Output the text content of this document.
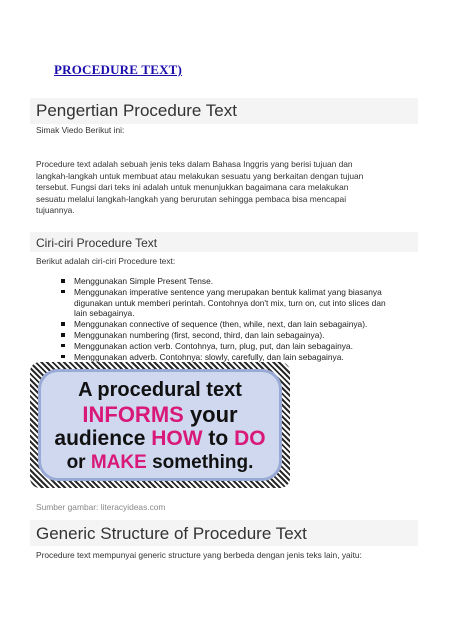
PROCEDURE TEXT)
Pengertian Procedure Text
Simak Viedo Berikut ini:
Procedure text adalah sebuah jenis teks dalam Bahasa Inggris yang berisi tujuan dan
langkah-langkah untuk membuat atau melakukan sesuatu yang berkaitan dengan tujuan
tersebut. Fungsi dari teks ini adalah untuk menunjukkan bagaimana cara melakukan
sesuatu melalui langkah-langkah yang berurutan sehingga pembaca bisa mencapai
tujuannya.
Ciri-ciri Procedure Text
Berikut adalah ciri-ciri Procedure text:
Menggunakan Simple Present Tense.
Menggunakan imperative sentence yang merupakan bentuk kalimat yang biasanya
digunakan untuk memberi perintah. Contohnya don't mix, turn on, cut into slices dan
lain sebagainya.
Menggunakan connective of sequence (then, while, next, dan lain sebagainya).
Menggunakan numbering (first, second, third, dan lain sebagainya).
Menggunakan action verb. Contohnya, turn, plug, put, dan lain sebagainya.
Menggunakan adverb. Contohnya: slowly, carefully, dan lain sebagainya.
A procedural text
INFORMS your
audience HOW to DO
or MAKE something.
Sumber gambar: literacyideas.com
Generic Structure of Procedure Text
Procedure text mempunyai generic structure yang berbeda dengan jenis teks lain, yaitu:
